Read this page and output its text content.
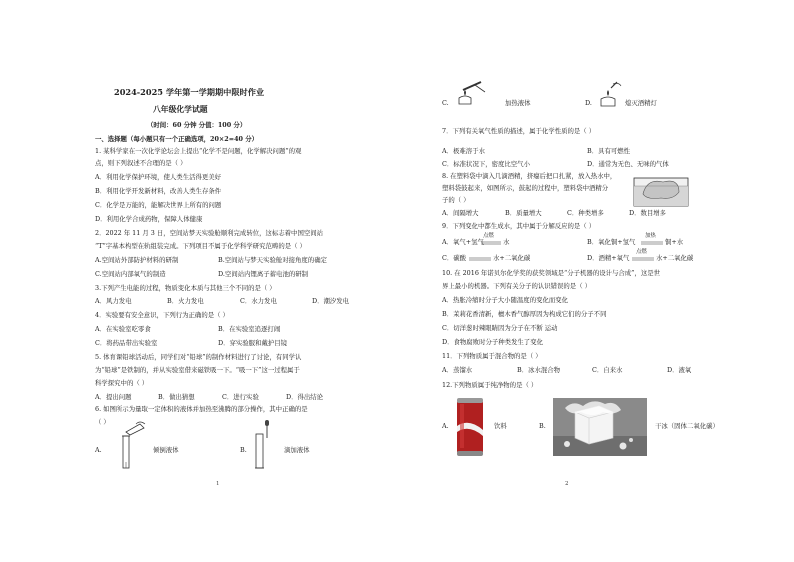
2024-2025 学年第一学期期中限时作业
八年级化学试题
（时间：60 分钟 分值：100 分）
一、选择题（每小题只有一个正确选项，20×2=40 分）
1. 某科学家在一次化学论坛会上提出“化学不是问题，化学解决问题”的观
点，则下列叙述不合理的是（ ）
A．利用化学保护环境，使人类生活得更美好
B．利用化学开发新材料，改善人类生存条件
C．化学是万能的，能解决世界上所有的问题
D．利用化学合成药物，保障人体健康
2．2022 年 11 月 3 日，空间站梦天实验舱顺利完成转位，这标志着中国空间站
“T”字基本构型在轨组装完成。下列项目不属于化学科学研究范畴的是（ ）
A.空间站外部防护材料的研制	B.空间站与梦天实验舱对接角度的确定
C.空间站内部氧气的制造	D.空间站内锂离子蓄电池的研制
3.下列产生电能的过程，物质变化本质与其他三个不同的是（ ）
A．风力发电	B．火力发电	C．水力发电	D．潮汐发电
4．实验要有安全意识，下列行为正确的是（ ）
A．在实验室吃零食	B．在实验室追逐打闹
C．将药品带出实验室	D．穿实验服和戴护目镜
5. 体育课铅球活动后，同学们对“铅球”的制作材料进行了讨论，有同学认
为“铅球”是铁制的，并从实验室借来磁铁吸一下。“吸一下”这一过程属于
科学探究中的（ ）
A．提出问题	B．做出猜想	C．进行实验	D．得出结论
6. 如图所示为量取一定体积的液体并加热至沸腾的部分操作，其中正确的是
（ ）
A.	倾倒液体	B.	滴加液体
1
C.	加热液体	D.	熄灭酒精灯
7．下列有关氧气性质的描述，属于化学性质的是（ ）
A．极难溶于水	B．具有可燃性
C．标准状况下，密度比空气小	D．通常为无色、无味的气体
8. 在塑料袋中滴入几滴酒精，挤瘪后把口扎紧，放入热水中，
塑料袋鼓起来，如图所示，鼓起的过程中，塑料袋中酒精分
子的（ ）
A．间隔增大	B．质量增大	C．种类增多	D．数目增多
9．下列变化中都生成水，其中属于分解反应的是（ ）
A．氧气+氢气
点燃
水	B．氧化铜+氢气
加热
铜+水
C．碳酸	水+二氧化碳	D．酒精+氧气
点燃
水+二氧化碳
10. 在 2016 年诺贝尔化学奖的获奖领域是“分子机器的设计与合成”，这是世
界上最小的机器。下列有关分子的认识错误的是（ ）
A．热胀冷缩时分子大小随温度的变化而变化
B．茉莉花香清新，檀木香气醇厚因为构成它们的分子不同
C．切洋葱时辣眼睛因为分子在不断 运动
D．食物腐败时分子种类发生了变化
11．下列物质属于混合物的是（ ）
A．蒸馏水	B．冰水混合物	C．自来水	D．液氧
12.下列物质属于纯净物的是（ ）
A.	饮料	B.	干冰（固体二氧化碳）
2
